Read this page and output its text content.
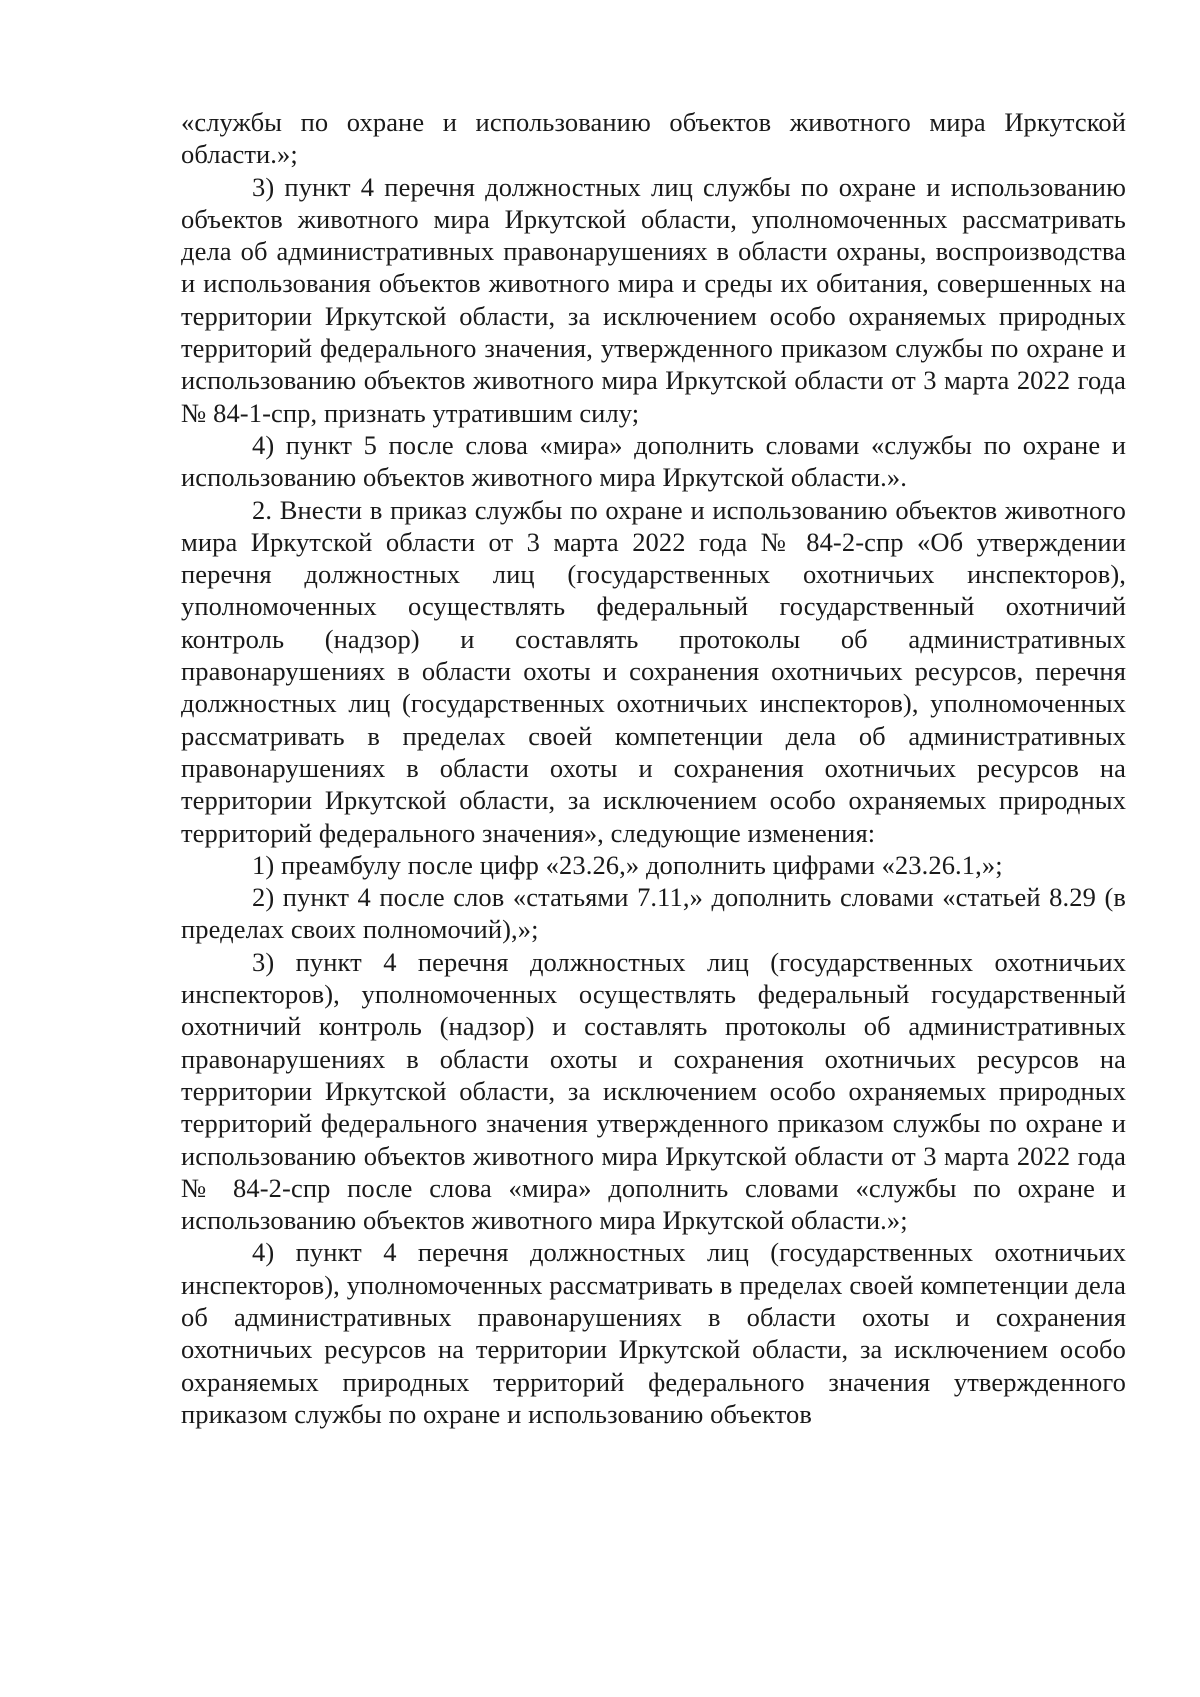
«службы по охране и использованию объектов животного мира Иркутской области.»;

3) пункт 4 перечня должностных лиц службы по охране и использованию объектов животного мира Иркутской области, уполномоченных рассматривать дела об административных правонарушениях в области охраны, воспроизводства и использования объектов животного мира и среды их обитания, совершенных на территории Иркутской области, за исключением особо охраняемых природных территорий федерального значения, утвержденного приказом службы по охране и использованию объектов животного мира Иркутской области от 3 марта 2022 года № 84-1-спр, признать утратившим силу;

4) пункт 5 после слова «мира» дополнить словами «службы по охране и использованию объектов животного мира Иркутской области.».

2. Внести в приказ службы по охране и использованию объектов животного мира Иркутской области от 3 марта 2022 года № 84-2-спр «Об утверждении перечня должностных лиц (государственных охотничьих инспекторов), уполномоченных осуществлять федеральный государственный охотничий контроль (надзор) и составлять протоколы об административных правонарушениях в области охоты и сохранения охотничьих ресурсов, перечня должностных лиц (государственных охотничьих инспекторов), уполномоченных рассматривать в пределах своей компетенции дела об административных правонарушениях в области охоты и сохранения охотничьих ресурсов на территории Иркутской области, за исключением особо охраняемых природных территорий федерального значения», следующие изменения:

1) преамбулу после цифр «23.26,» дополнить цифрами «23.26.1,»;

2) пункт 4 после слов «статьями 7.11,» дополнить словами «статьей 8.29 (в пределах своих полномочий),»;

3) пункт 4 перечня должностных лиц (государственных охотничьих инспекторов), уполномоченных осуществлять федеральный государственный охотничий контроль (надзор) и составлять протоколы об административных правонарушениях в области охоты и сохранения охотничьих ресурсов на территории Иркутской области, за исключением особо охраняемых природных территорий федерального значения утвержденного приказом службы по охране и использованию объектов животного мира Иркутской области от 3 марта 2022 года № 84-2-спр после слова «мира» дополнить словами «службы по охране и использованию объектов животного мира Иркутской области.»;

4) пункт 4 перечня должностных лиц (государственных охотничьих инспекторов), уполномоченных рассматривать в пределах своей компетенции дела об административных правонарушениях в области охоты и сохранения охотничьих ресурсов на территории Иркутской области, за исключением особо охраняемых природных территорий федерального значения утвержденного приказом службы по охране и использованию объектов
